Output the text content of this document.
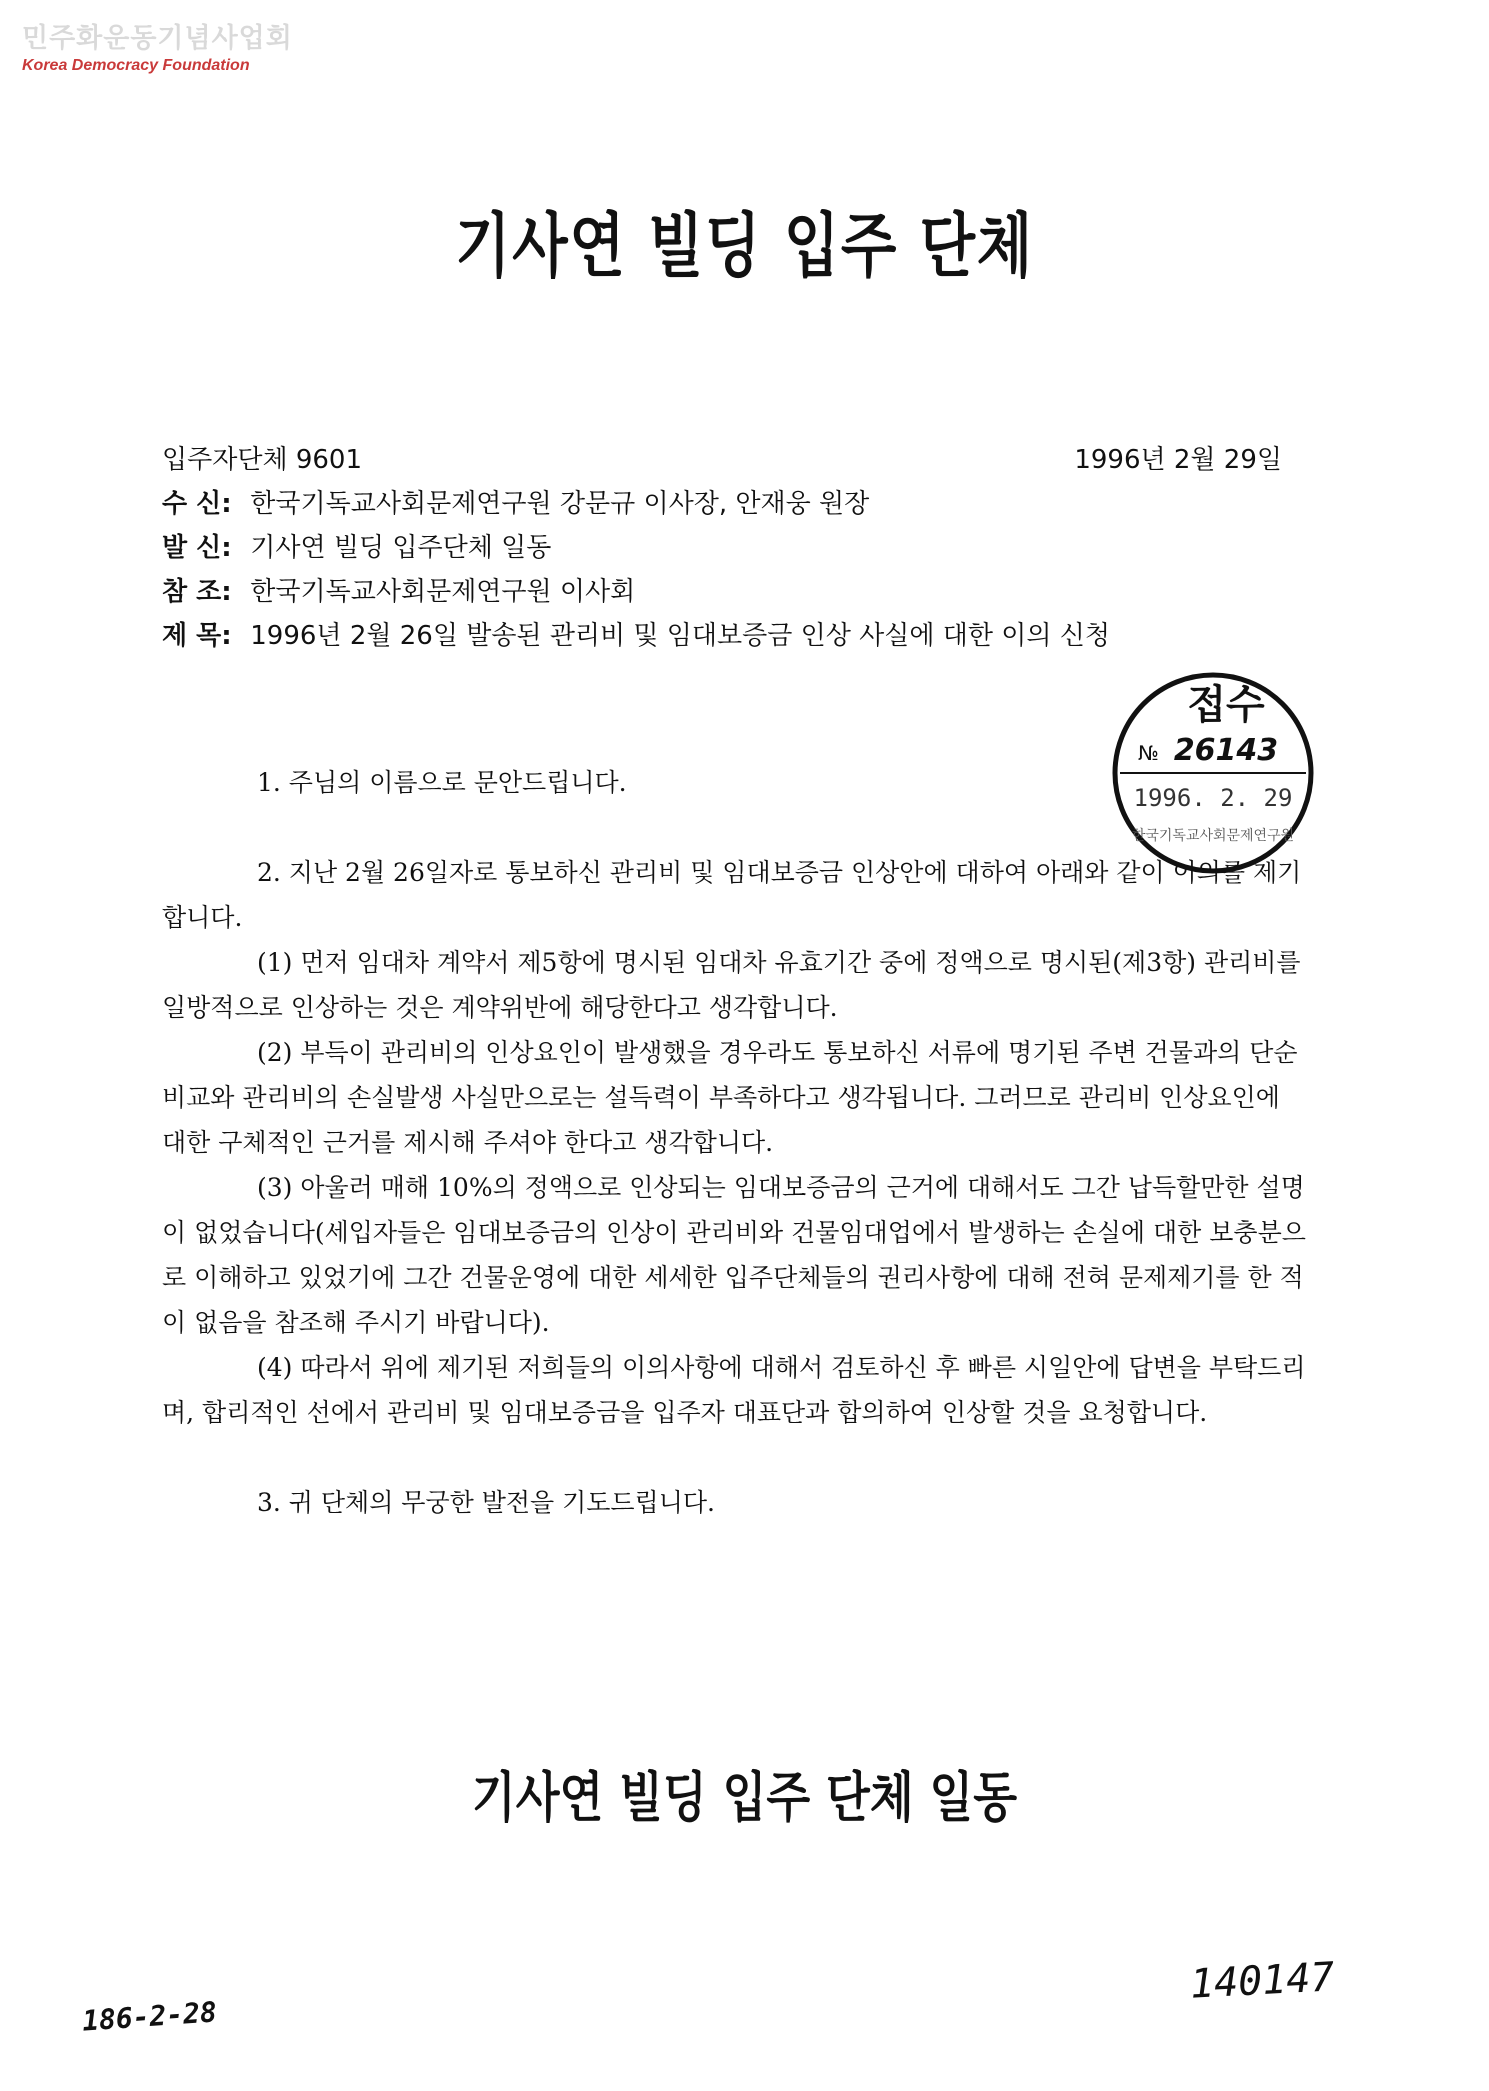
민주화운동기념사업회
Korea Democracy Foundation
기사연 빌딩 입주 단체
입주자단체 9601	1996년 2월 29일
수 신: 한국기독교사회문제연구원 강문규 이사장, 안재웅 원장
발 신: 기사연 빌딩 입주단체 일동
참 조: 한국기독교사회문제연구원 이사회
제 목: 1996년 2월 26일 발송된 관리비 및 임대보증금 인상 사실에 대한 이의 신청
접수
№ 26143
1996. 2. 29
한국기독교사회문제연구원

1. 주님의 이름으로 문안드립니다.

2. 지난 2월 26일자로 통보하신 관리비 및 임대보증금 인상안에 대하여 아래와 같이 이의를 제기합니다.

(1) 먼저 임대차 계약서 제5항에 명시된 임대차 유효기간 중에 정액으로 명시된(제3항) 관리비를 일방적으로 인상하는 것은 계약위반에 해당한다고 생각합니다.

(2) 부득이 관리비의 인상요인이 발생했을 경우라도 통보하신 서류에 명기된 주변 건물과의 단순 비교와 관리비의 손실발생 사실만으로는 설득력이 부족하다고 생각됩니다. 그러므로 관리비 인상요인에 대한 구체적인 근거를 제시해 주셔야 한다고 생각합니다.

(3) 아울러 매해 10%의 정액으로 인상되는 임대보증금의 근거에 대해서도 그간 납득할만한 설명이 없었습니다(세입자들은 임대보증금의 인상이 관리비와 건물임대업에서 발생하는 손실에 대한 보충분으로 이해하고 있었기에 그간 건물운영에 대한 세세한 입주단체들의 권리사항에 대해 전혀 문제제기를 한 적이 없음을 참조해 주시기 바랍니다).

(4) 따라서 위에 제기된 저희들의 이의사항에 대해서 검토하신 후 빠른 시일안에 답변을 부탁드리며, 합리적인 선에서 관리비 및 임대보증금을 입주자 대표단과 합의하여 인상할 것을 요청합니다.

3. 귀 단체의 무궁한 발전을 기도드립니다.

기사연 빌딩 입주 단체 일동
140147
186-2-28
